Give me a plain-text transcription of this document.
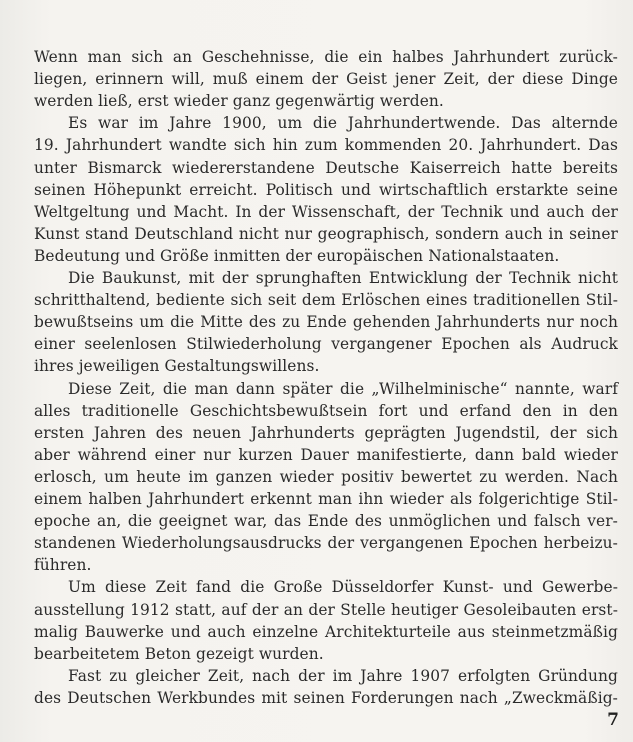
Wenn man sich an Geschehnisse, die ein halbes Jahrhundert zurück-
liegen, erinnern will, muß einem der Geist jener Zeit, der diese Dinge
werden ließ, erst wieder ganz gegenwärtig werden.
Es war im Jahre 1900, um die Jahrhundertwende. Das alternde
19. Jahrhundert wandte sich hin zum kommenden 20. Jahrhundert. Das
unter Bismarck wiedererstandene Deutsche Kaiserreich hatte bereits
seinen Höhepunkt erreicht. Politisch und wirtschaftlich erstarkte seine
Weltgeltung und Macht. In der Wissenschaft, der Technik und auch der
Kunst stand Deutschland nicht nur geographisch, sondern auch in seiner
Bedeutung und Größe inmitten der europäischen Nationalstaaten.
Die Baukunst, mit der sprunghaften Entwicklung der Technik nicht
schritthaltend, bediente sich seit dem Erlöschen eines traditionellen Stil-
bewußtseins um die Mitte des zu Ende gehenden Jahrhunderts nur noch
einer seelenlosen Stilwiederholung vergangener Epochen als Audruck
ihres jeweiligen Gestaltungswillens.
Diese Zeit, die man dann später die „Wilhelminische“ nannte, warf
alles traditionelle Geschichtsbewußtsein fort und erfand den in den
ersten Jahren des neuen Jahrhunderts geprägten Jugendstil, der sich
aber während einer nur kurzen Dauer manifestierte, dann bald wieder
erlosch, um heute im ganzen wieder positiv bewertet zu werden. Nach
einem halben Jahrhundert erkennt man ihn wieder als folgerichtige Stil-
epoche an, die geeignet war, das Ende des unmöglichen und falsch ver-
standenen Wiederholungsausdrucks der vergangenen Epochen herbeizu-
führen.
Um diese Zeit fand die Große Düsseldorfer Kunst- und Gewerbe-
ausstellung 1912 statt, auf der an der Stelle heutiger Gesoleibauten erst-
malig Bauwerke und auch einzelne Architekturteile aus steinmetzmäßig
bearbeitetem Beton gezeigt wurden.
Fast zu gleicher Zeit, nach der im Jahre 1907 erfolgten Gründung
des Deutschen Werkbundes mit seinen Forderungen nach „Zweckmäßig-
7
